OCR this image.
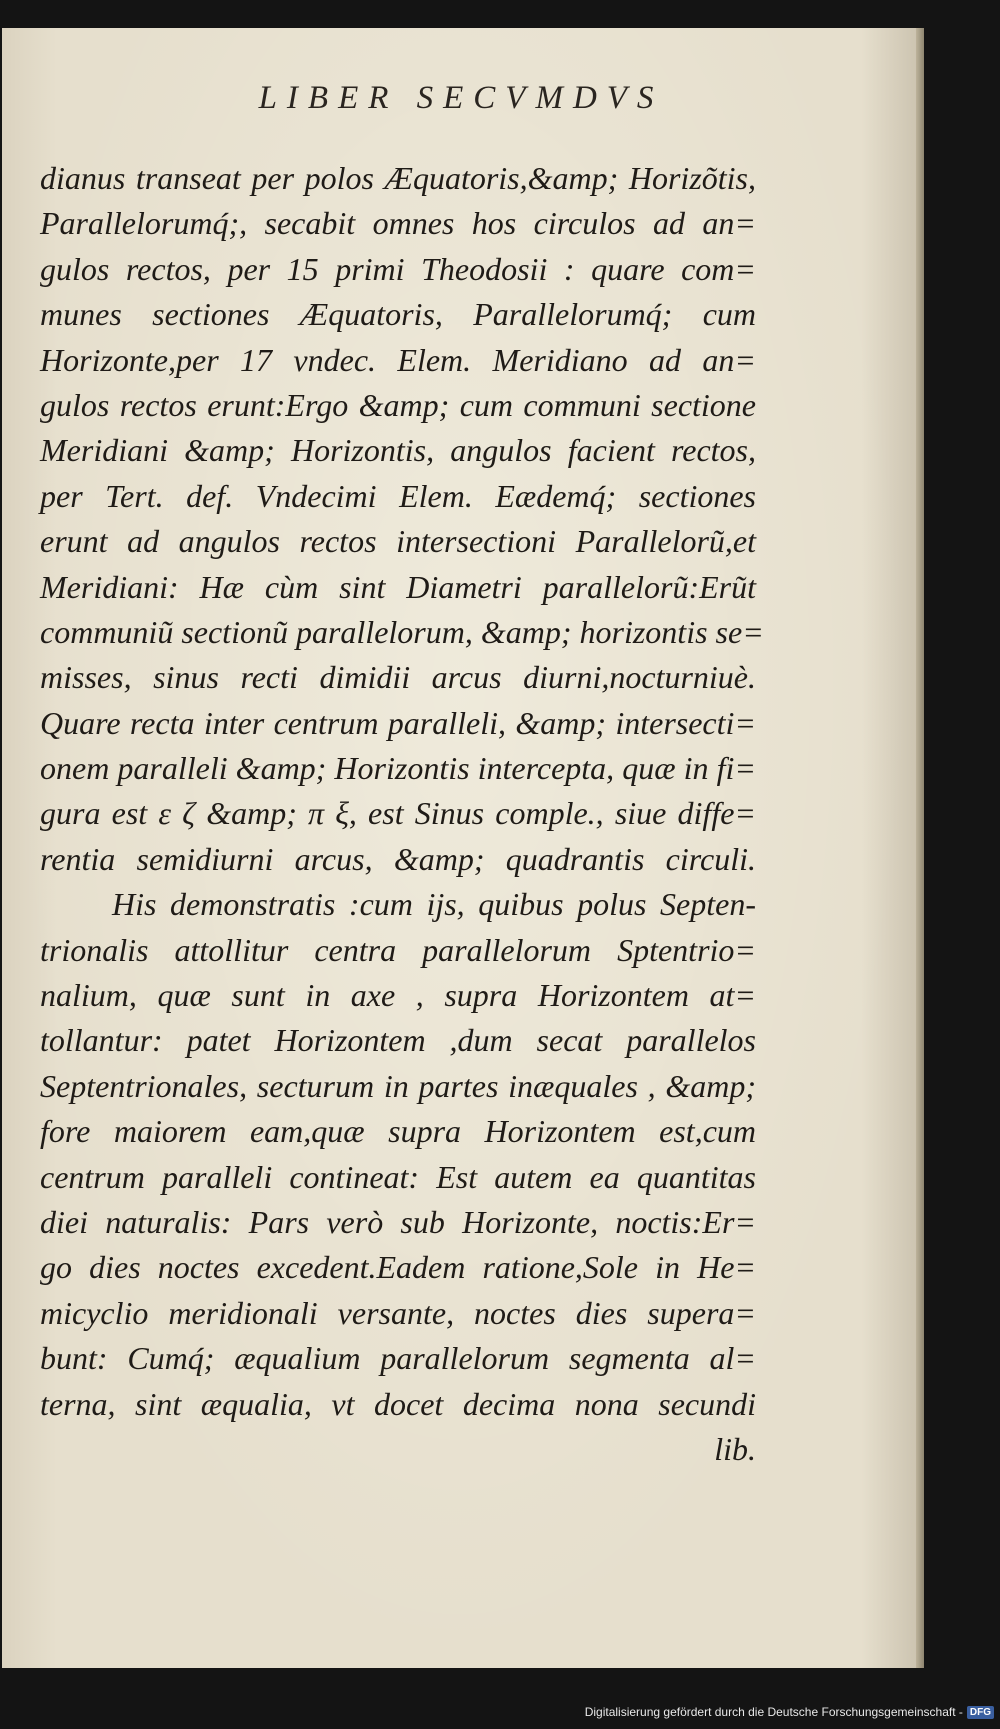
LIBER SECVMDVS
dianus transeat per polos Æquatoris,&amp; Horizõtis,
Parallelorumq́;, secabit omnes hos circulos ad an=
gulos rectos, per 15 primi Theodosii : quare com=
munes sectiones Æquatoris, Parallelorumq́; cum
Horizonte,per 17 vndec. Elem. Meridiano ad an=
gulos rectos erunt:Ergo &amp; cum communi sectione
Meridiani &amp; Horizontis, angulos facient rectos,
per Tert. def. Vndecimi Elem. Eædemq́; sectiones
erunt ad angulos rectos intersectioni Parallelorũ,et
Meridiani: Hæ cùm sint Diametri parallelorũ:Erũt
communiũ sectionũ parallelorum, &amp; horizontis se=
misses, sinus recti dimidii arcus diurni,nocturniuè.
Quare recta inter centrum paralleli, &amp; intersecti=
onem paralleli &amp; Horizontis intercepta, quæ in fi=
gura est ε ζ &amp; π ξ, est Sinus comple., siue diffe=
rentia semidiurni arcus, &amp; quadrantis circuli.
His demonstratis :cum ijs, quibus polus Septen-
trionalis attollitur centra parallelorum Sptentrio=
nalium, quæ sunt in axe , supra Horizontem at=
tollantur: patet Horizontem ,dum secat parallelos
Septentrionales, secturum in partes inæquales , &amp;
fore maiorem eam,quæ supra Horizontem est,cum
centrum paralleli contineat: Est autem ea quantitas
diei naturalis: Pars verò sub Horizonte, noctis:Er=
go dies noctes excedent.Eadem ratione,Sole in He=
micyclio meridionali versante, noctes dies supera=
bunt: Cumq́; æqualium parallelorum segmenta al=
terna, sint æqualia, vt docet decima nona secundi
lib.
Digitalisierung gefördert durch die Deutsche Forschungsgemeinschaft - DFG
